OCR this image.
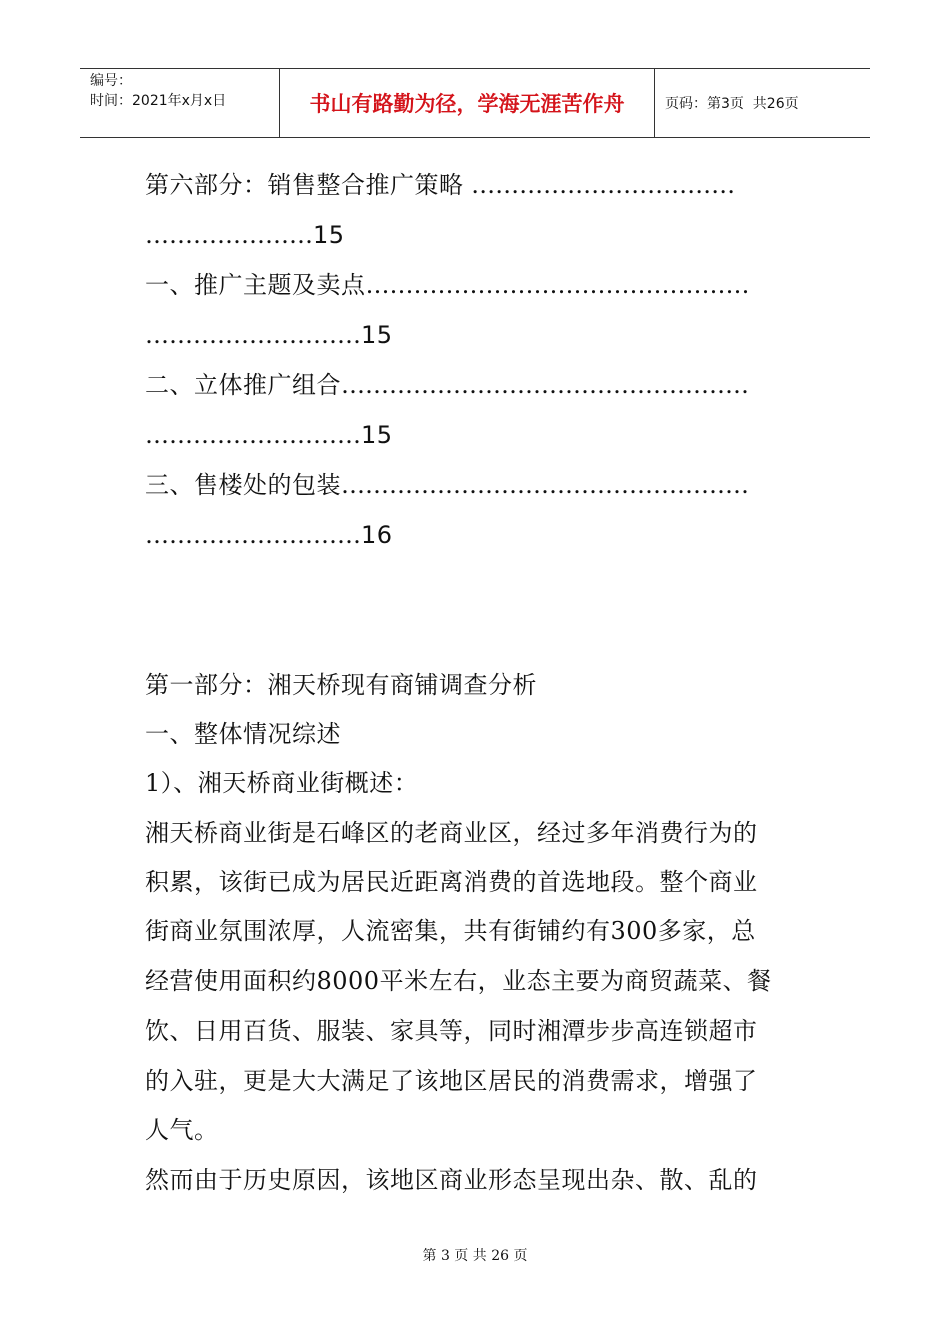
编号：
时间：2021年x月x日	书山有路勤为径，学海无涯苦作舟	页码：第3页  共26页
第六部分：销售整合推广策略 ……………………………
…………………15
一、推广主题及卖点…………………………………………
………………………15
二、立体推广组合……………………………………………
………………………15
三、售楼处的包装……………………………………………
………………………16
第一部分：湘天桥现有商铺调查分析
一、整体情况综述
1）、湘天桥商业街概述：
湘天桥商业街是石峰区的老商业区，经过多年消费行为的
积累，该街已成为居民近距离消费的首选地段。整个商业
街商业氛围浓厚，人流密集，共有街铺约有300多家，总
经营使用面积约8000平米左右，业态主要为商贸蔬菜、餐
饮、日用百货、服装、家具等，同时湘潭步步高连锁超市
的入驻，更是大大满足了该地区居民的消费需求，增强了
人气。
然而由于历史原因，该地区商业形态呈现出杂、散、乱的
第 3 页 共 26 页
